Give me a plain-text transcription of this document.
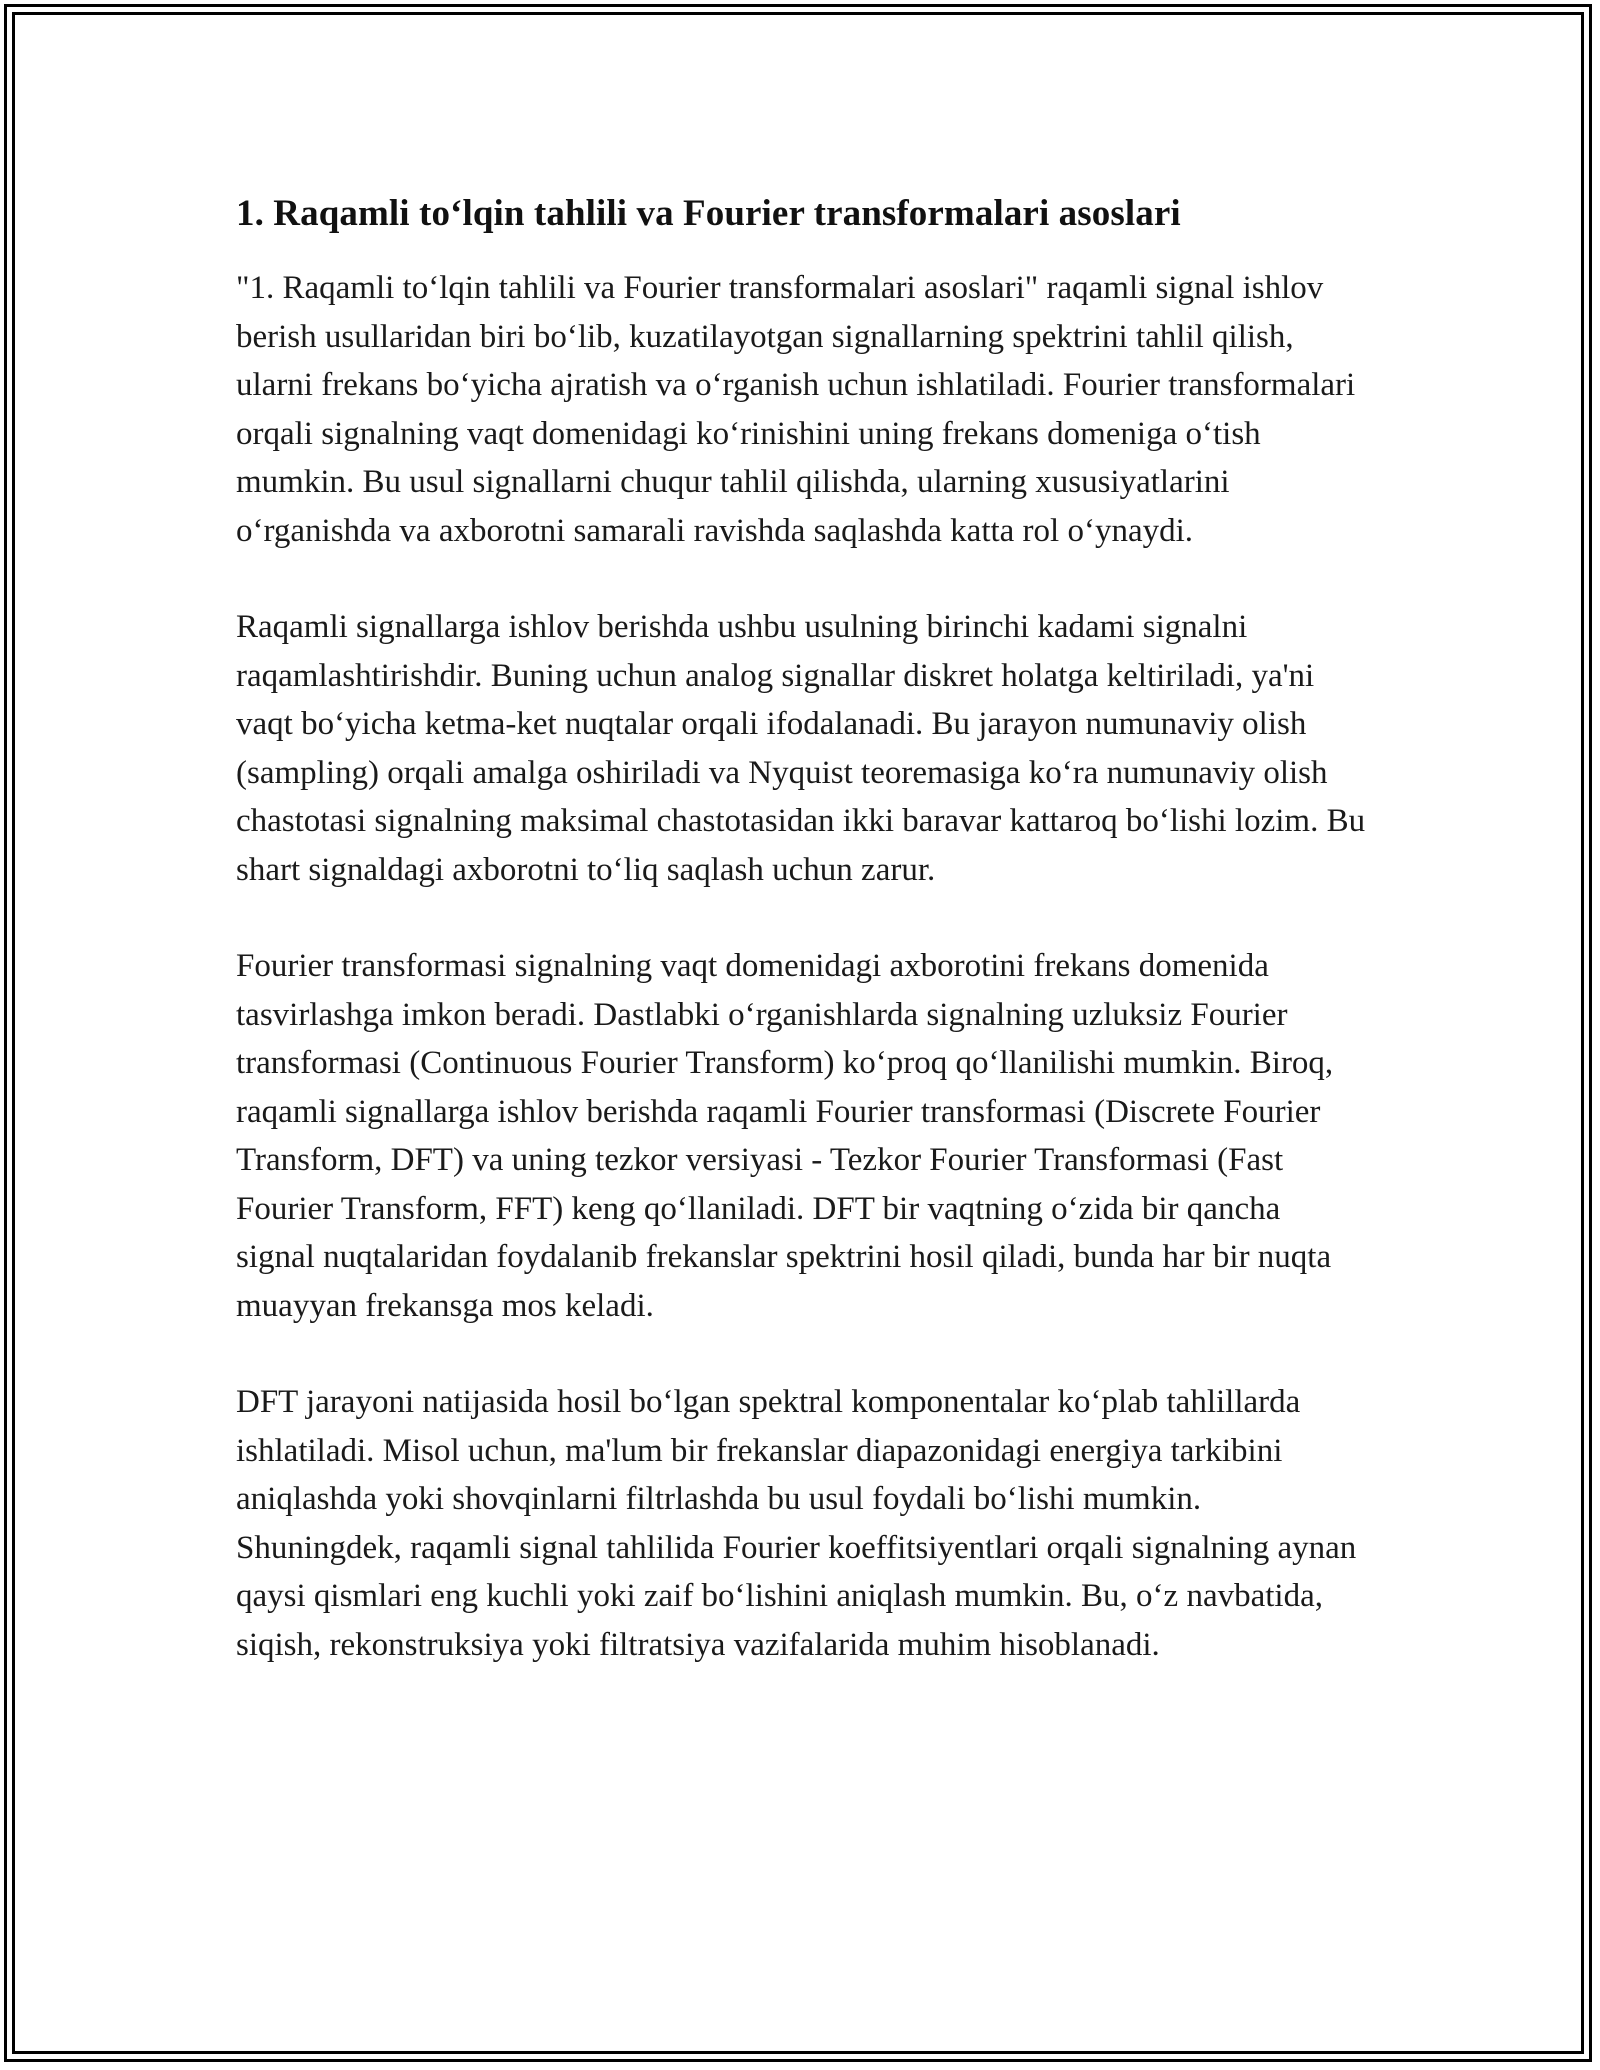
1. Raqamli to‘lqin tahlili va Fourier transformalari asoslari

"1. Raqamli to‘lqin tahlili va Fourier transformalari asoslari" raqamli signal ishlov berish usullaridan biri bo‘lib, kuzatilayotgan signallarning spektrini tahlil qilish, ularni frekans bo‘yicha ajratish va o‘rganish uchun ishlatiladi. Fourier transformalari orqali signalning vaqt domenidagi ko‘rinishini uning frekans domeniga o‘tish mumkin. Bu usul signallarni chuqur tahlil qilishda, ularning xususiyatlarini o‘rganishda va axborotni samarali ravishda saqlashda katta rol o‘ynaydi.

Raqamli signallarga ishlov berishda ushbu usulning birinchi kadami signalni raqamlashtirishdir. Buning uchun analog signallar diskret holatga keltiriladi, ya'ni vaqt bo‘yicha ketma-ket nuqtalar orqali ifodalanadi. Bu jarayon numunaviy olish (sampling) orqali amalga oshiriladi va Nyquist teoremasiga ko‘ra numunaviy olish chastotasi signalning maksimal chastotasidan ikki baravar kattaroq bo‘lishi lozim. Bu shart signaldagi axborotni to‘liq saqlash uchun zarur.

Fourier transformasi signalning vaqt domenidagi axborotini frekans domenida tasvirlashga imkon beradi. Dastlabki o‘rganishlarda signalning uzluksiz Fourier transformasi (Continuous Fourier Transform) ko‘proq qo‘llanilishi mumkin. Biroq, raqamli signallarga ishlov berishda raqamli Fourier transformasi (Discrete Fourier Transform, DFT) va uning tezkor versiyasi - Tezkor Fourier Transformasi (Fast Fourier Transform, FFT) keng qo‘llaniladi. DFT bir vaqtning o‘zida bir qancha signal nuqtalaridan foydalanib frekanslar spektrini hosil qiladi, bunda har bir nuqta muayyan frekansga mos keladi.

DFT jarayoni natijasida hosil bo‘lgan spektral komponentalar ko‘plab tahlillarda ishlatiladi. Misol uchun, ma'lum bir frekanslar diapazonidagi energiya tarkibini aniqlashda yoki shovqinlarni filtrlashda bu usul foydali bo‘lishi mumkin. Shuningdek, raqamli signal tahlilida Fourier koeffitsiyentlari orqali signalning aynan qaysi qismlari eng kuchli yoki zaif bo‘lishini aniqlash mumkin. Bu, o‘z navbatida, siqish, rekonstruksiya yoki filtratsiya vazifalarida muhim hisoblanadi.
